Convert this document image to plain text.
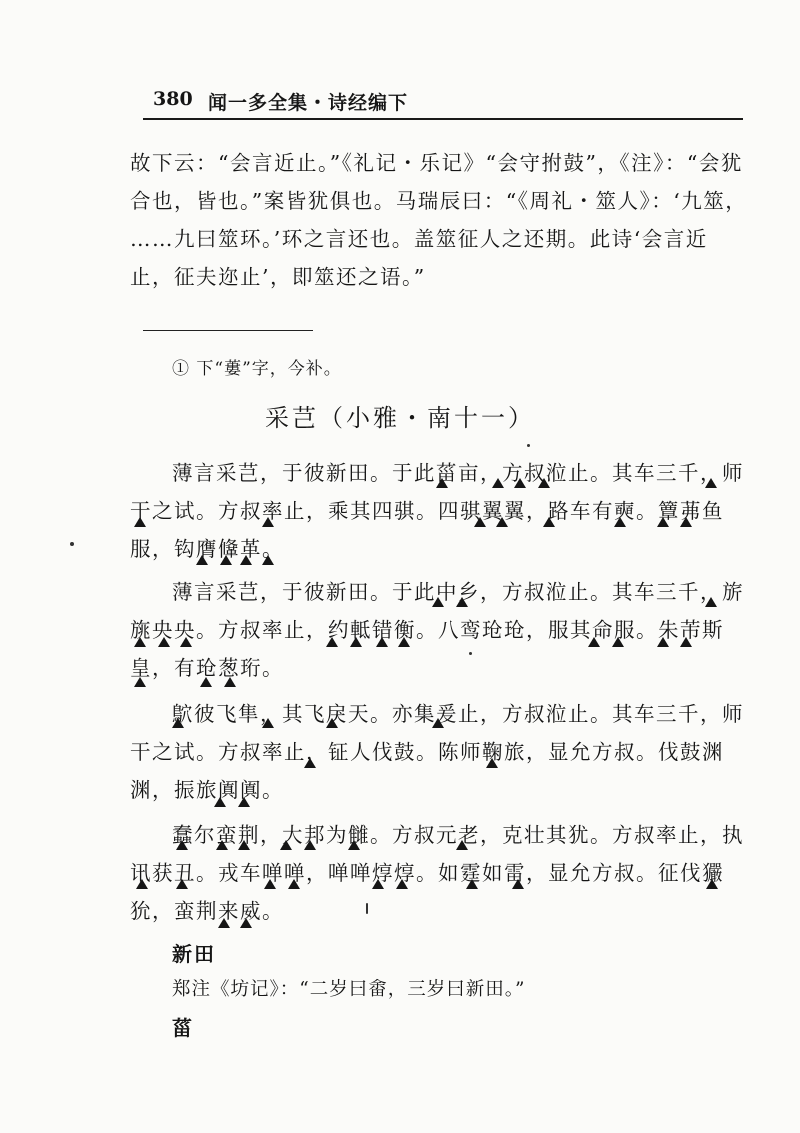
380 闻一多全集・诗经编下
故下云：“会言近止。”《礼记・乐记》“会守拊鼓”，《注》：“会犹
合也，皆也。”案皆犹俱也。马瑞辰曰：“《周礼・筮人》：‘九筮，
……九曰筮环。’环之言还也。盖筮征人之还期。此诗‘会言近
止，征夫迩止’，即筮还之语。”
① 下“蔞”字，今补。
采芑（小雅・南十一）
薄言采芑，于彼新田。于此菑亩，方叔涖止。其车三千，师
干之试。方叔率止，乘其四骐。四骐翼翼，路车有奭。簟茀鱼
服，钩膺鞗革。
薄言采芑，于彼新田。于此中乡，方叔涖止。其车三千，旂
旐央央。方叔率止，约軧错衡。八鸾玱玱，服其命服。朱芾斯
皇，有玱葱珩。
鴥彼飞隼，其飞戾天。亦集爰止，方叔涖止。其车三千，师
干之试。方叔率止，钲人伐鼓。陈师鞠旅，显允方叔。伐鼓渊
渊，振旅阗阗。
蠢尔蛮荆，大邦为雠。方叔元老，克壮其犹。方叔率止，执
讯获丑。戎车啴啴，啴啴焞焞。如霆如雷，显允方叔。征伐玁
狁，蛮荆来威。
新田
郑注《坊记》：“二岁曰畬，三岁曰新田。”
菑
